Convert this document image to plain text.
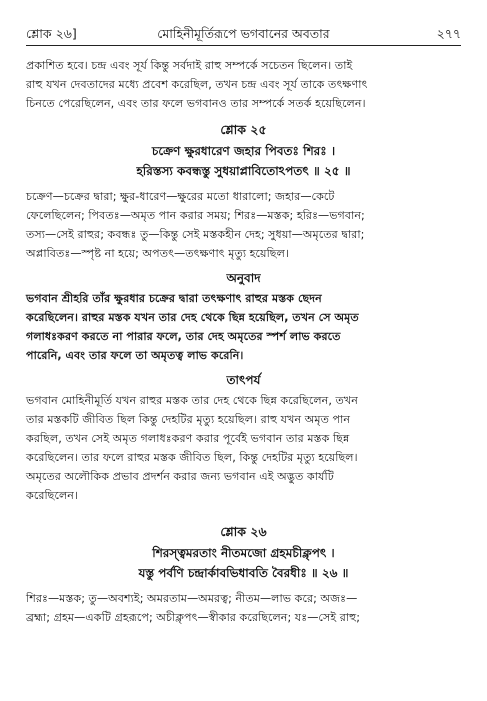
শ্লোক ২৬]	মোহিনীমূর্তিরূপে ভগবানের অবতার	২৭৭

প্রকাশিত হবে। চন্দ্র এবং সূর্য কিন্তু সর্বদাই রাহু সম্পর্কে সচেতন ছিলেন। তাই

রাহু যখন দেবতাদের মধ্যে প্রবেশ করেছিল, তখন চন্দ্র এবং সূর্য তাকে তৎক্ষণাৎ

চিনতে পেরেছিলেন, এবং তার ফলে ভগবানও তার সম্পর্কে সতর্ক হয়েছিলেন।

শ্লোক ২৫

চক্রেণ ক্ষুরধারেণ জহার পিবতঃ শিরঃ ।

হরিস্তস্য কবন্ধস্তু সুধয়াপ্লাবিতোঽপতৎ ॥ ২৫ ॥

চক্রেণ—চক্রের দ্বারা; ক্ষুর-ধারেণ—ক্ষুরের মতো ধারালো; জহার—কেটে

ফেলেছিলেন; পিবতঃ—অমৃত পান করার সময়; শিরঃ—মস্তক; হরিঃ—ভগবান;

তস্য—সেই রাহুর; কবন্ধঃ তু—কিন্তু সেই মস্তকহীন দেহ; সুধয়া—অমৃতের দ্বারা;

অপ্লাবিতঃ—স্পৃষ্ট না হয়ে; অপতৎ—তৎক্ষণাৎ মৃত্যু হয়েছিল।

অনুবাদ

ভগবান শ্রীহরি তাঁর ক্ষুরধার চক্রের দ্বারা তৎক্ষণাৎ রাহুর মস্তক ছেদন

করেছিলেন। রাহুর মস্তক যখন তার দেহ থেকে ছিন্ন হয়েছিল, তখন সে অমৃত

গলাধঃকরণ করতে না পারার ফলে, তার দেহ অমৃতের স্পর্শ লাভ করতে

পারেনি, এবং তার ফলে তা অমৃতত্ব লাভ করেনি।

তাৎপর্য

ভগবান মোহিনীমূর্তি যখন রাহুর মস্তক তার দেহ থেকে ছিন্ন করেছিলেন, তখন

তার মস্তকটি জীবিত ছিল কিন্তু দেহটির মৃত্যু হয়েছিল। রাহু যখন অমৃত পান

করছিল, তখন সেই অমৃত গলাধঃকরণ করার পূর্বেই ভগবান তার মস্তক ছিন্ন

করেছিলেন। তার ফলে রাহুর মস্তক জীবিত ছিল, কিন্তু দেহটির মৃত্যু হয়েছিল।

অমৃতের অলৌকিক প্রভাব প্রদর্শন করার জন্য ভগবান এই অদ্ভুত কার্যটি

করেছিলেন।

শ্লোক ২৬

শিরস্ত্বমরতাং নীতমজো গ্রহমচীক্লৃপৎ ।

যস্তু পর্বণি চন্দ্রার্কাবভিধাবতি বৈরধীঃ ॥ ২৬ ॥

শিরঃ—মস্তক; তু—অবশ্যই; অমরতাম—অমরত্ব; নীতম—লাভ করে; অজঃ—

ব্রহ্মা; গ্রহম—একটি গ্রহরূপে; অচীক্লৃপৎ—স্বীকার করেছিলেন; যঃ—সেই রাহু;
